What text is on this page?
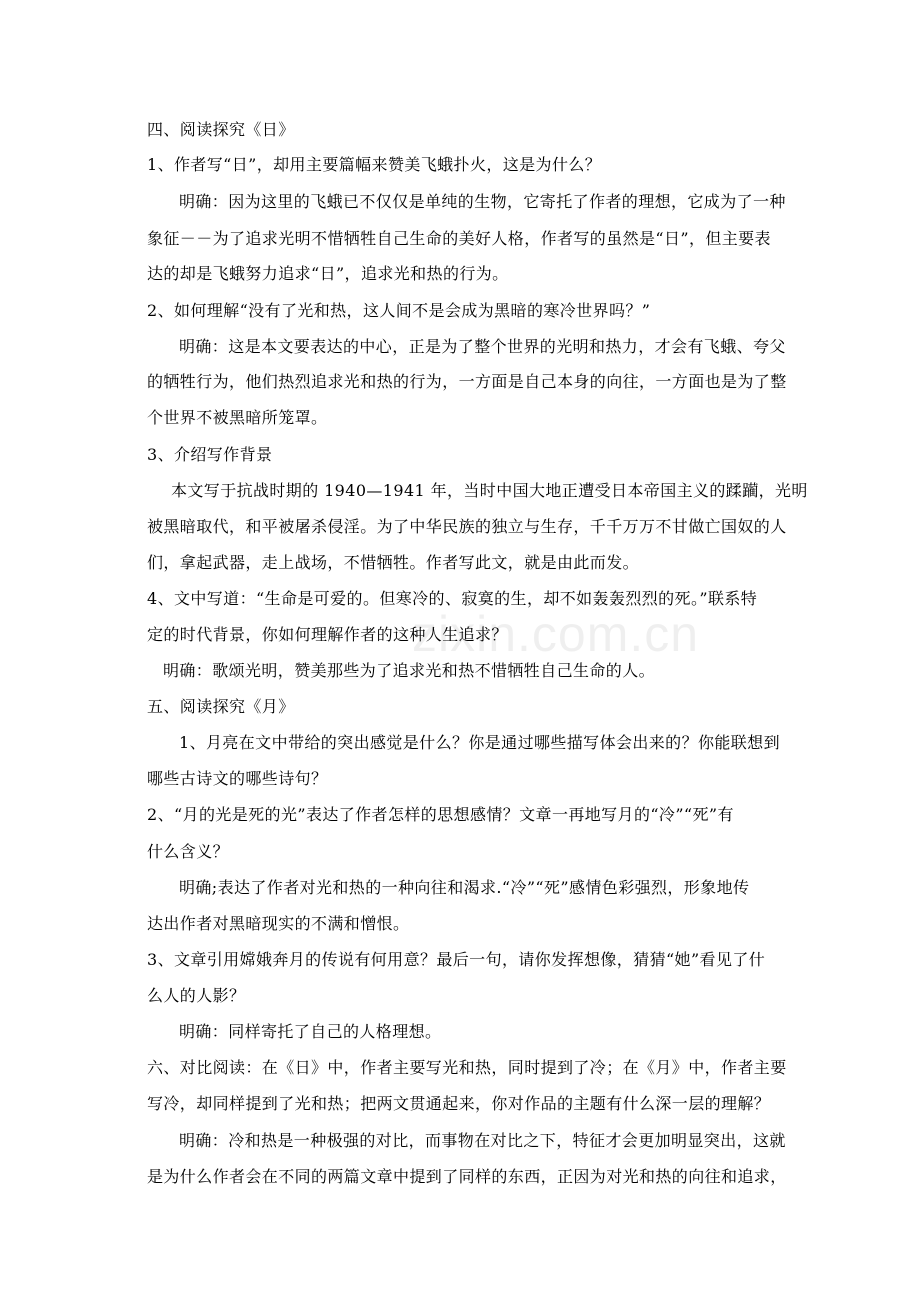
四、阅读探究《日》
1、作者写“日”，却用主要篇幅来赞美飞蛾扑火，这是为什么？
明确：因为这里的飞蛾已不仅仅是单纯的生物，它寄托了作者的理想，它成为了一种
象征－－为了追求光明不惜牺牲自己生命的美好人格，作者写的虽然是“日”，但主要表
达的却是飞蛾努力追求“日”，追求光和热的行为。
2、如何理解“没有了光和热，这人间不是会成为黑暗的寒冷世界吗？”
明确：这是本文要表达的中心，正是为了整个世界的光明和热力，才会有飞蛾、夸父
的牺牲行为，他们热烈追求光和热的行为，一方面是自己本身的向往，一方面也是为了整
个世界不被黑暗所笼罩。
3、介绍写作背景
本文写于抗战时期的 1940—1941 年，当时中国大地正遭受日本帝国主义的蹂躏，光明
被黑暗取代，和平被屠杀侵淫。为了中华民族的独立与生存，千千万万不甘做亡国奴的人
们，拿起武器，走上战场，不惜牺牲。作者写此文，就是由此而发。
4、文中写道：“生命是可爱的。但寒冷的、寂寞的生，却不如轰轰烈烈的死。”联系特
定的时代背景，你如何理解作者的这种人生追求？
明确：歌颂光明，赞美那些为了追求光和热不惜牺牲自己生命的人。
五、阅读探究《月》
1、月亮在文中带给的突出感觉是什么？你是通过哪些描写体会出来的？你能联想到
哪些古诗文的哪些诗句？
2、“月的光是死的光”表达了作者怎样的思想感情？文章一再地写月的“冷”“死”有
什么含义？
明确;表达了作者对光和热的一种向往和渴求.“冷”“死”感情色彩强烈，形象地传
达出作者对黑暗现实的不满和憎恨。
3、文章引用嫦娥奔月的传说有何用意？最后一句，请你发挥想像，猜猜“她”看见了什
么人的人影？
明确：同样寄托了自己的人格理想。
六、对比阅读：在《日》中，作者主要写光和热，同时提到了冷；在《月》中，作者主要
写冷，却同样提到了光和热；把两文贯通起来，你对作品的主题有什么深一层的理解？
明确：冷和热是一种极强的对比，而事物在对比之下，特征才会更加明显突出，这就
是为什么作者会在不同的两篇文章中提到了同样的东西，正因为对光和热的向往和追求，
zixin.com.cn
